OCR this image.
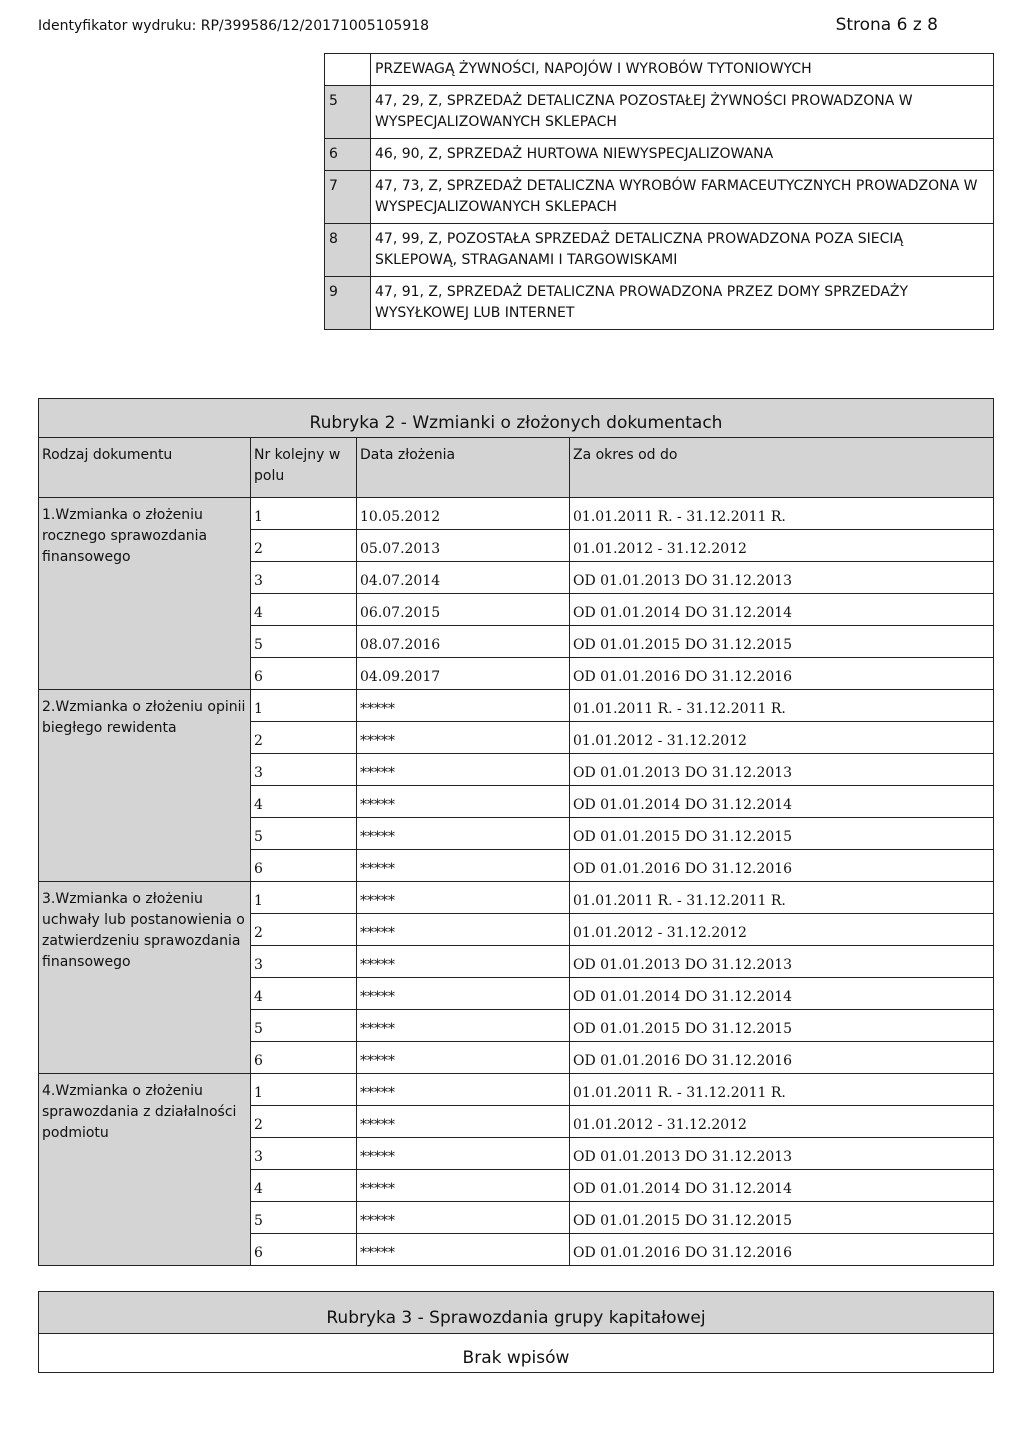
Identyfikator wydruku: RP/399586/12/20171005105918	Strona 6 z 8
	PRZEWAGĄ ŻYWNOŚCI, NAPOJÓW I WYROBÓW TYTONIOWYCH
5	47, 29, Z, SPRZEDAŻ DETALICZNA POZOSTAŁEJ ŻYWNOŚCI PROWADZONA W WYSPECJALIZOWANYCH SKLEPACH
6	46, 90, Z, SPRZEDAŻ HURTOWA NIEWYSPECJALIZOWANA
7	47, 73, Z, SPRZEDAŻ DETALICZNA WYROBÓW FARMACEUTYCZNYCH PROWADZONA W WYSPECJALIZOWANYCH SKLEPACH
8	47, 99, Z, POZOSTAŁA SPRZEDAŻ DETALICZNA PROWADZONA POZA SIECIĄ SKLEPOWĄ, STRAGANAMI I TARGOWISKAMI
9	47, 91, Z, SPRZEDAŻ DETALICZNA PROWADZONA PRZEZ DOMY SPRZEDAŻY WYSYŁKOWEJ LUB INTERNET
Rubryka 2 - Wzmianki o złożonych dokumentach			
Rodzaj dokumentu	Nr kolejny w polu	Data złożenia	Za okres od do
1.Wzmianka o złożeniu rocznego sprawozdania finansowego	1	10.05.2012	01.01.2011 R. - 31.12.2011 R.
	2	05.07.2013	01.01.2012 - 31.12.2012
	3	04.07.2014	OD 01.01.2013 DO 31.12.2013
	4	06.07.2015	OD 01.01.2014 DO 31.12.2014
	5	08.07.2016	OD 01.01.2015 DO 31.12.2015
	6	04.09.2017	OD 01.01.2016 DO 31.12.2016
2.Wzmianka o złożeniu opinii biegłego rewidenta	1	*****	01.01.2011 R. - 31.12.2011 R.
	2	*****	01.01.2012 - 31.12.2012
	3	*****	OD 01.01.2013 DO 31.12.2013
	4	*****	OD 01.01.2014 DO 31.12.2014
	5	*****	OD 01.01.2015 DO 31.12.2015
	6	*****	OD 01.01.2016 DO 31.12.2016
3.Wzmianka o złożeniu uchwały lub postanowienia o zatwierdzeniu sprawozdania finansowego	1	*****	01.01.2011 R. - 31.12.2011 R.
	2	*****	01.01.2012 - 31.12.2012
	3	*****	OD 01.01.2013 DO 31.12.2013
	4	*****	OD 01.01.2014 DO 31.12.2014
	5	*****	OD 01.01.2015 DO 31.12.2015
	6	*****	OD 01.01.2016 DO 31.12.2016
4.Wzmianka o złożeniu sprawozdania z działalności podmiotu	1	*****	01.01.2011 R. - 31.12.2011 R.
	2	*****	01.01.2012 - 31.12.2012
	3	*****	OD 01.01.2013 DO 31.12.2013
	4	*****	OD 01.01.2014 DO 31.12.2014
	5	*****	OD 01.01.2015 DO 31.12.2015
	6	*****	OD 01.01.2016 DO 31.12.2016
Rubryka 3 - Sprawozdania grupy kapitałowej
Brak wpisów
